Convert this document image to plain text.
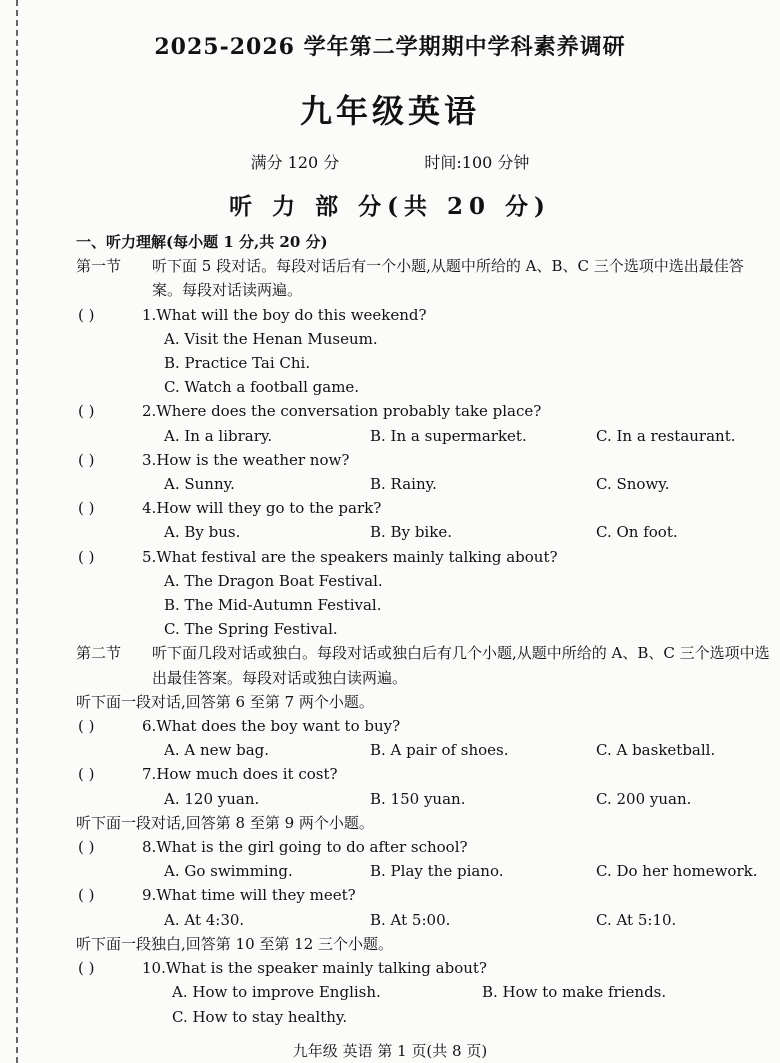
2025-2026 学年第二学期期中学科素养调研
九年级英语
满分 120 分	时间:100 分钟
听 力 部 分(共 20 分)
一、听力理解(每小题 1 分,共 20 分)
第一节	听下面 5 段对话。每段对话后有一个小题,从题中所给的 A、B、C 三个选项中选出最佳答案。每段对话读两遍。
( )	1. What will the boy do this weekend?
A. Visit the Henan Museum.
B. Practice Tai Chi.
C. Watch a football game.
( )	2. Where does the conversation probably take place?
A. In a library.	B. In a supermarket.	C. In a restaurant.
( )	3. How is the weather now?
A. Sunny.	B. Rainy.	C. Snowy.
( )	4. How will they go to the park?
A. By bus.	B. By bike.	C. On foot.
( )	5. What festival are the speakers mainly talking about?
A. The Dragon Boat Festival.
B. The Mid-Autumn Festival.
C. The Spring Festival.
第二节	听下面几段对话或独白。每段对话或独白后有几个小题,从题中所给的 A、B、C 三个选项中选出最佳答案。每段对话或独白读两遍。
听下面一段对话,回答第 6 至第 7 两个小题。
( )	6. What does the boy want to buy?
A. A new bag.	B. A pair of shoes.	C. A basketball.
( )	7. How much does it cost?
A. 120 yuan.	B. 150 yuan.	C. 200 yuan.
听下面一段对话,回答第 8 至第 9 两个小题。
( )	8. What is the girl going to do after school?
A. Go swimming.	B. Play the piano.	C. Do her homework.
( )	9. What time will they meet?
A. At 4:30.	B. At 5:00.	C. At 5:10.
听下面一段独白,回答第 10 至第 12 三个小题。
( )	10. What is the speaker mainly talking about?
A. How to improve English.	B. How to make friends.
C. How to stay healthy.
九年级 英语 第 1 页(共 8 页)
